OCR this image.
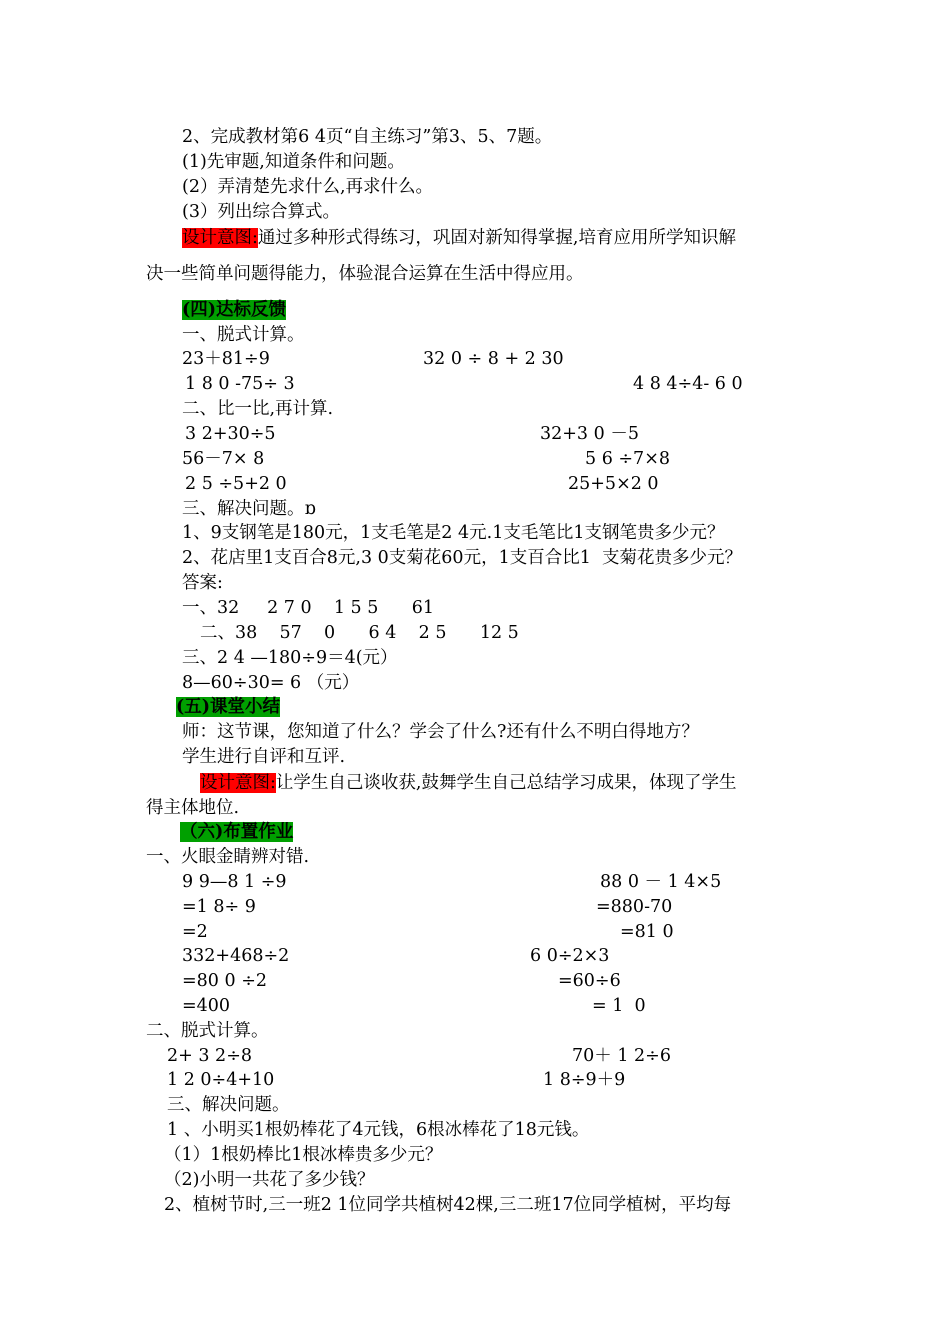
2、完成教材第6 4页“自主练习”第3、5、7题。
(1)先审题,知道条件和问题。
(2）弄清楚先求什么,再求什么。
(3）列出综合算式。
设计意图:通过多种形式得练习，巩固对新知得掌握,培育应用所学知识解
决一些简单问题得能力，体验混合运算在生活中得应用。
(四)达标反馈
一、脱式计算。
23＋81÷9	32 0 ÷ 8 + 2 30
1 8 0 -75÷ 3	4 8 4÷4- 6 0
二、比一比,再计算.
3 2+30÷5	32+3 0 －5
56－7× 8	5 6 ÷7×8
2 5 ÷5+2 0	25+5×2 0
三、解决问题。ɒ
1、9支钢笔是180元，1支毛笔是2 4元.1支毛笔比1支钢笔贵多少元？
2、花店里1支百合8元,3 0支菊花60元，1支百合比1  支菊花贵多少元？
答案:
一、32     2 7 0    1 5 5      61
二、38    57    0      6 4    2 5      12 5
三、2 4 —180÷9＝4(元）
8—60÷30= 6 （元）
(五)课堂小结
师：这节课，您知道了什么？学会了什么?还有什么不明白得地方？
学生进行自评和互评.
设计意图:让学生自己谈收获,鼓舞学生自己总结学习成果，体现了学生
得主体地位.
（六)布置作业
一、火眼金睛辨对错.
9 9—8 1 ÷9	88 0 － 1 4×5
=1 8÷ 9	=880-70
=2	=81 0
332+468÷2	6 0÷2×3
=80 0 ÷2	=60÷6
=400	= 1  0
二、脱式计算。
2+ 3 2÷8	70＋ 1 2÷6
1 2 0÷4+10	1 8÷9＋9
三、解决问题。
1 、小明买1根奶棒花了4元钱，6根冰棒花了18元钱。
（1）1根奶棒比1根冰棒贵多少元？
（2)小明一共花了多少钱？
2、植树节时,三一班2 1位同学共植树42棵,三二班17位同学植树，平均每
